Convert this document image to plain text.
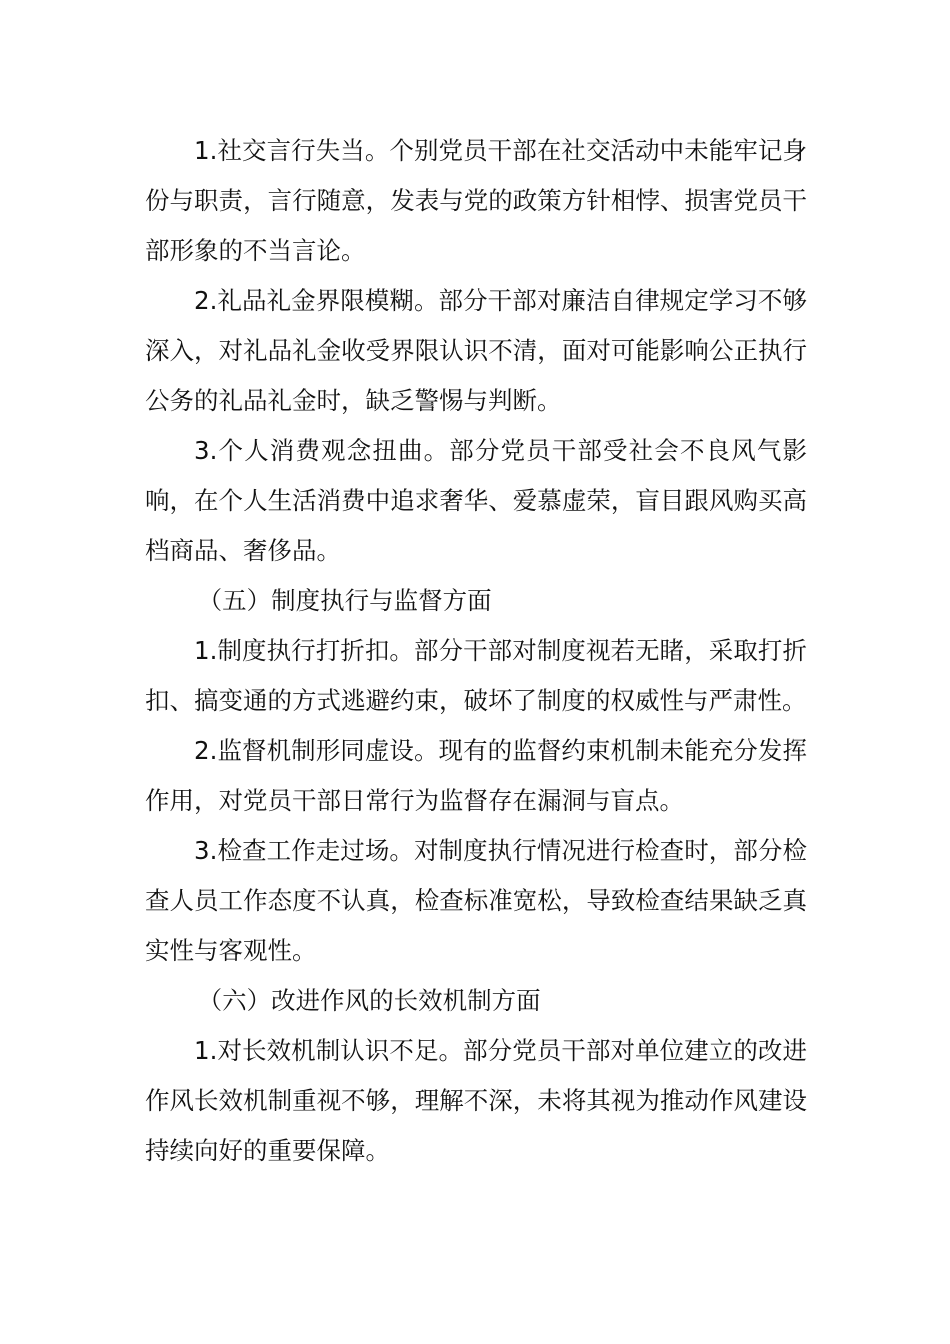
1.社交言行失当。个别党员干部在社交活动中未能牢记身份与职责，言行随意，发表与党的政策方针相悖、损害党员干部形象的不当言论。

2.礼品礼金界限模糊。部分干部对廉洁自律规定学习不够深入，对礼品礼金收受界限认识不清，面对可能影响公正执行公务的礼品礼金时，缺乏警惕与判断。

3.个人消费观念扭曲。部分党员干部受社会不良风气影响，在个人生活消费中追求奢华、爱慕虚荣，盲目跟风购买高档商品、奢侈品。

（五）制度执行与监督方面

1.制度执行打折扣。部分干部对制度视若无睹，采取打折扣、搞变通的方式逃避约束，破坏了制度的权威性与严肃性。

2.监督机制形同虚设。现有的监督约束机制未能充分发挥作用，对党员干部日常行为监督存在漏洞与盲点。

3.检查工作走过场。对制度执行情况进行检查时，部分检查人员工作态度不认真，检查标准宽松，导致检查结果缺乏真实性与客观性。

（六）改进作风的长效机制方面

1.对长效机制认识不足。部分党员干部对单位建立的改进作风长效机制重视不够，理解不深，未将其视为推动作风建设持续向好的重要保障。
